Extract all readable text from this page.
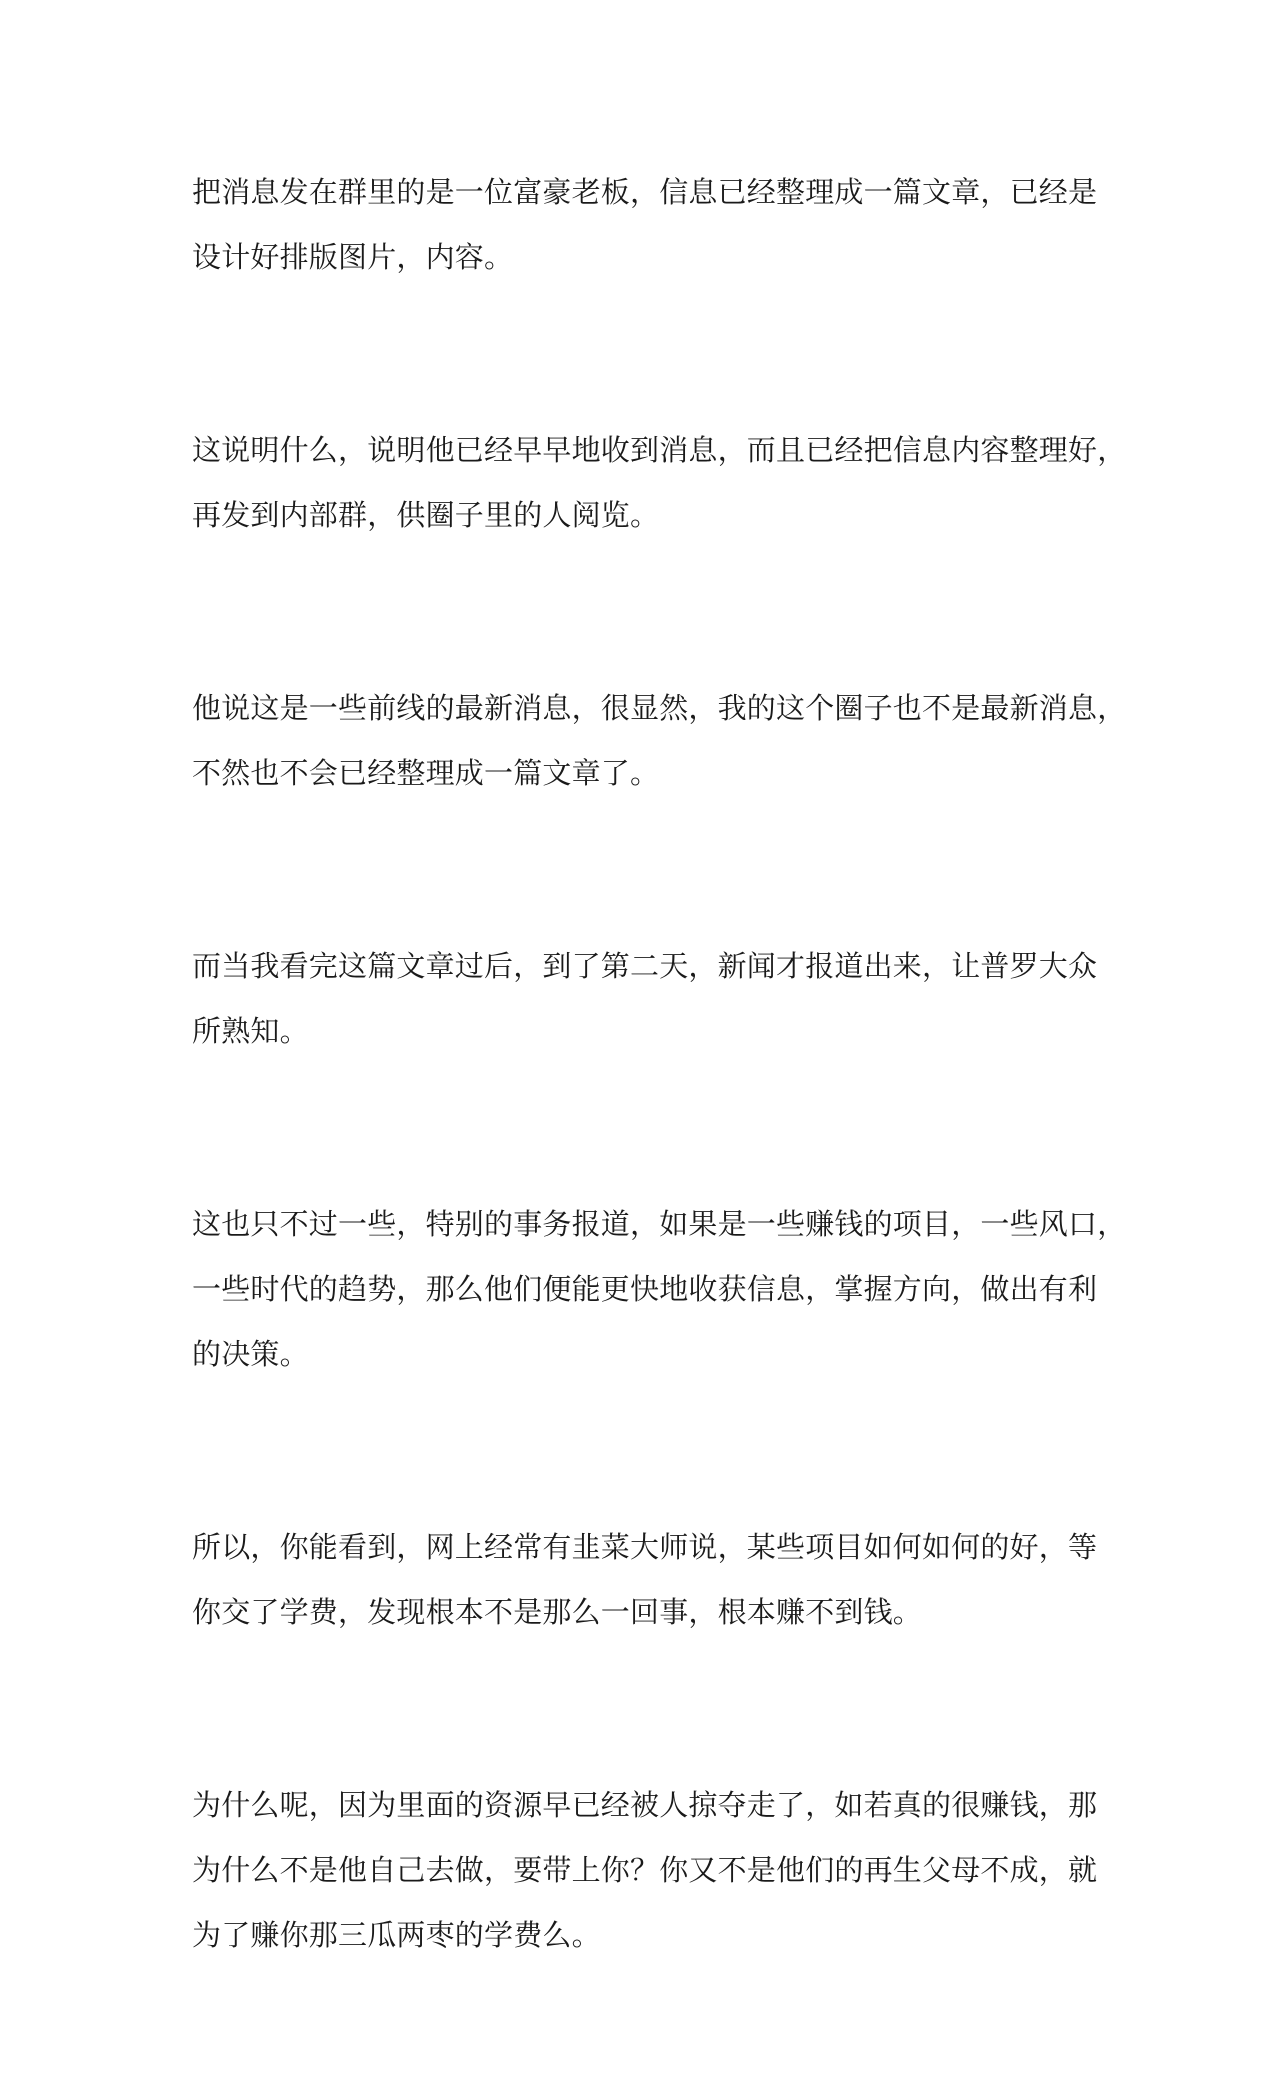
把消息发在群里的是一位富豪老板，信息已经整理成一篇文章，已经是
设计好排版图片，内容。

这说明什么，说明他已经早早地收到消息，而且已经把信息内容整理好，
再发到内部群，供圈子里的人阅览。

他说这是一些前线的最新消息，很显然，我的这个圈子也不是最新消息，
不然也不会已经整理成一篇文章了。

而当我看完这篇文章过后，到了第二天，新闻才报道出来，让普罗大众
所熟知。

这也只不过一些，特别的事务报道，如果是一些赚钱的项目，一些风口，
一些时代的趋势，那么他们便能更快地收获信息，掌握方向，做出有利
的决策。

所以，你能看到，网上经常有韭菜大师说，某些项目如何如何的好，等
你交了学费，发现根本不是那么一回事，根本赚不到钱。

为什么呢，因为里面的资源早已经被人掠夺走了，如若真的很赚钱，那
为什么不是他自己去做，要带上你？你又不是他们的再生父母不成，就
为了赚你那三瓜两枣的学费么。
